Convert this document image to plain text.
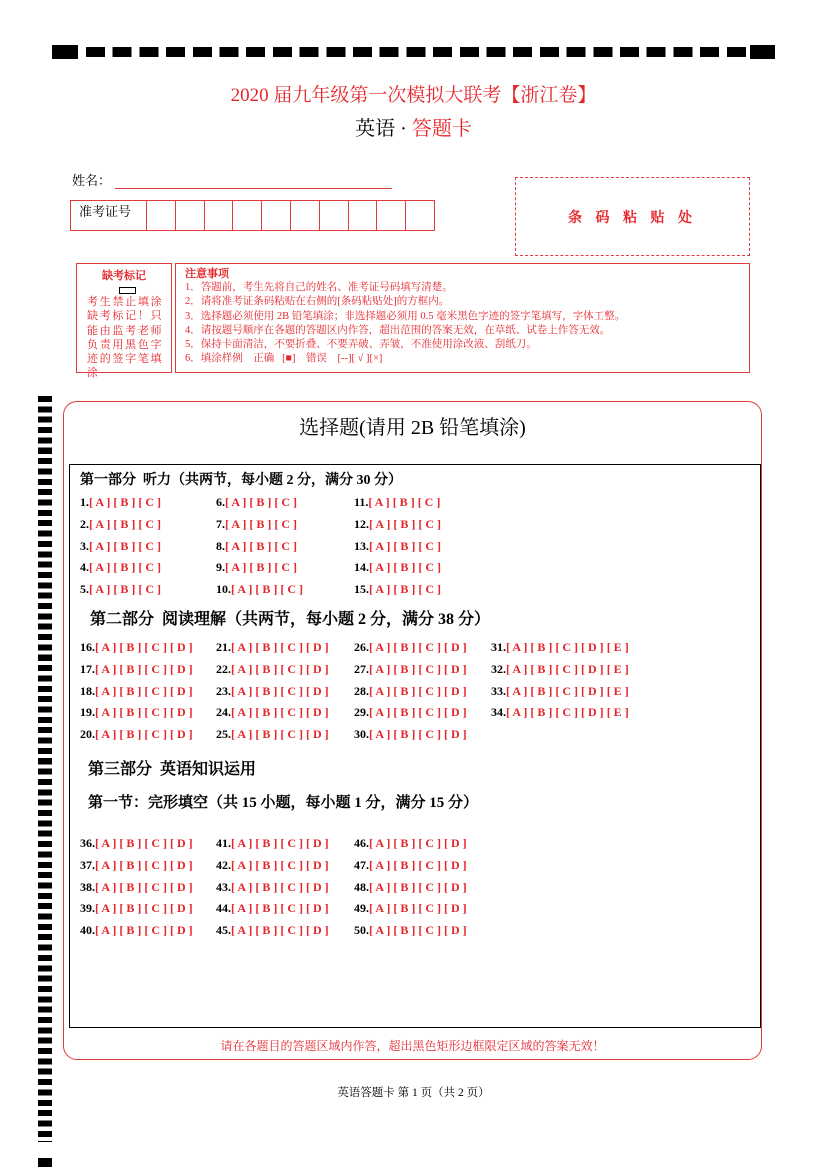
2020 届九年级第一次模拟大联考【浙江卷】
英语 · 答题卡
姓名：
准考证号	条 码 粘 贴 处
缺考标记
考生禁止填涂缺考标记！只能由监考老师负责用黑色字迹的签字笔填涂
注意事项
1．答题前，考生先将自己的姓名、准考证号码填写清楚。
2．请将准考证条码粘贴在右侧的[条码粘贴处]的方框内。
3．选择题必须使用 2B 铅笔填涂；非选择题必须用 0.5 毫米黑色字迹的签字笔填写，字体工整。
4．请按题号顺序在各题的答题区内作答，超出范围的答案无效，在草纸、试卷上作答无效。
5．保持卡面清洁，不要折叠、不要弄破、弄皱，不准使用涂改液、刮纸刀。
6．填涂样例    正确   [■]    错误    [--][ √ ][×]
选择题(请用 2B 铅笔填涂)
第一部分  听力（共两节，每小题 2 分，满分 30 分）
1.[ A ] [ B ] [ C ]
2.[ A ] [ B ] [ C ]
3.[ A ] [ B ] [ C ]
4.[ A ] [ B ] [ C ]
5.[ A ] [ B ] [ C ]
6.[ A ] [ B ] [ C ]
7.[ A ] [ B ] [ C ]
8.[ A ] [ B ] [ C ]
9.[ A ] [ B ] [ C ]
10.[ A ] [ B ] [ C ]
11.[ A ] [ B ] [ C ]
12.[ A ] [ B ] [ C ]
13.[ A ] [ B ] [ C ]
14.[ A ] [ B ] [ C ]
15.[ A ] [ B ] [ C ]
第二部分  阅读理解（共两节，每小题 2 分，满分 38 分）
16.[ A ] [ B ] [ C ] [ D ]
17.[ A ] [ B ] [ C ] [ D ]
18.[ A ] [ B ] [ C ] [ D ]
19.[ A ] [ B ] [ C ] [ D ]
20.[ A ] [ B ] [ C ] [ D ]
21.[ A ] [ B ] [ C ] [ D ]
22.[ A ] [ B ] [ C ] [ D ]
23.[ A ] [ B ] [ C ] [ D ]
24.[ A ] [ B ] [ C ] [ D ]
25.[ A ] [ B ] [ C ] [ D ]
26.[ A ] [ B ] [ C ] [ D ]
27.[ A ] [ B ] [ C ] [ D ]
28.[ A ] [ B ] [ C ] [ D ]
29.[ A ] [ B ] [ C ] [ D ]
30.[ A ] [ B ] [ C ] [ D ]
31.[ A ] [ B ] [ C ] [ D ] [ E ]
32.[ A ] [ B ] [ C ] [ D ] [ E ]
33.[ A ] [ B ] [ C ] [ D ] [ E ]
34.[ A ] [ B ] [ C ] [ D ] [ E ]
第三部分  英语知识运用
第一节：完形填空（共 15 小题，每小题 1 分，满分 15 分）
36.[ A ] [ B ] [ C ] [ D ]
37.[ A ] [ B ] [ C ] [ D ]
38.[ A ] [ B ] [ C ] [ D ]
39.[ A ] [ B ] [ C ] [ D ]
40.[ A ] [ B ] [ C ] [ D ]
41.[ A ] [ B ] [ C ] [ D ]
42.[ A ] [ B ] [ C ] [ D ]
43.[ A ] [ B ] [ C ] [ D ]
44.[ A ] [ B ] [ C ] [ D ]
45.[ A ] [ B ] [ C ] [ D ]
46.[ A ] [ B ] [ C ] [ D ]
47.[ A ] [ B ] [ C ] [ D ]
48.[ A ] [ B ] [ C ] [ D ]
49.[ A ] [ B ] [ C ] [ D ]
50.[ A ] [ B ] [ C ] [ D ]
请在各题目的答题区域内作答，超出黑色矩形边框限定区域的答案无效！
英语答题卡 第 1 页（共 2 页）
